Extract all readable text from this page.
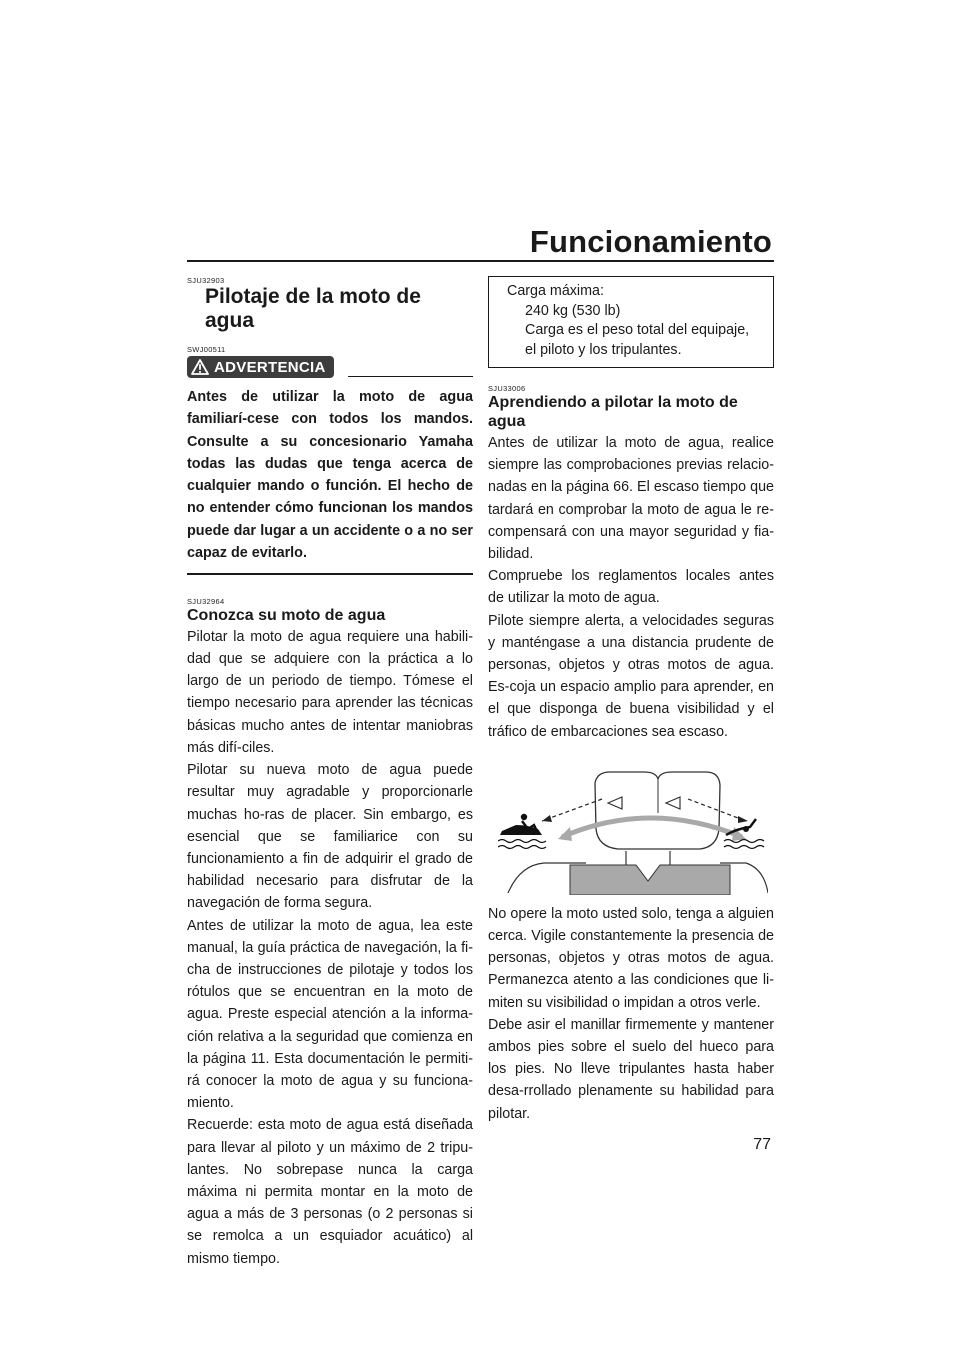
Funcionamiento
SJU32903
Pilotaje de la moto de agua
SWJ00511
ADVERTENCIA
Antes de utilizar la moto de agua familiarí-cese con todos los mandos. Consulte a su concesionario Yamaha todas las dudas que tenga acerca de cualquier mando o función. El hecho de no entender cómo funcionan los mandos puede dar lugar a un accidente o a no ser capaz de evitarlo.
SJU32964
Conozca su moto de agua

Pilotar la moto de agua requiere una habili-dad que se adquiere con la práctica a lo largo de un periodo de tiempo. Tómese el tiempo necesario para aprender las técnicas básicas mucho antes de intentar maniobras más difí-ciles.

Pilotar su nueva moto de agua puede resultar muy agradable y proporcionarle muchas ho-ras de placer. Sin embargo, es esencial que se familiarice con su funcionamiento a fin de adquirir el grado de habilidad necesario para disfrutar de la navegación de forma segura.

Antes de utilizar la moto de agua, lea este manual, la guía práctica de navegación, la fi-cha de instrucciones de pilotaje y todos los rótulos que se encuentran en la moto de agua. Preste especial atención a la informa-ción relativa a la seguridad que comienza en la página 11. Esta documentación le permiti-rá conocer la moto de agua y su funciona-miento.

Recuerde: esta moto de agua está diseñada para llevar al piloto y un máximo de 2 tripu-lantes. No sobrepase nunca la carga máxima ni permita montar en la moto de agua a más de 3 personas (o 2 personas si se remolca a un esquiador acuático) al mismo tiempo.

Carga máxima:
240 kg (530 lb)
Carga es el peso total del equipaje, el piloto y los tripulantes.
SJU33006
Aprendiendo a pilotar la moto de agua

Antes de utilizar la moto de agua, realice siempre las comprobaciones previas relacio-nadas en la página 66. El escaso tiempo que tardará en comprobar la moto de agua le re-compensará con una mayor seguridad y fia-bilidad.

Compruebe los reglamentos locales antes de utilizar la moto de agua.

Pilote siempre alerta, a velocidades seguras y manténgase a una distancia prudente de personas, objetos y otras motos de agua. Es-coja un espacio amplio para aprender, en el que disponga de buena visibilidad y el tráfico de embarcaciones sea escaso.

No opere la moto usted solo, tenga a alguien cerca. Vigile constantemente la presencia de personas, objetos y otras motos de agua. Permanezca atento a las condiciones que li-miten su visibilidad o impidan a otros verle.

Debe asir el manillar firmemente y mantener ambos pies sobre el suelo del hueco para los pies. No lleve tripulantes hasta haber desa-rrollado plenamente su habilidad para pilotar.

77
